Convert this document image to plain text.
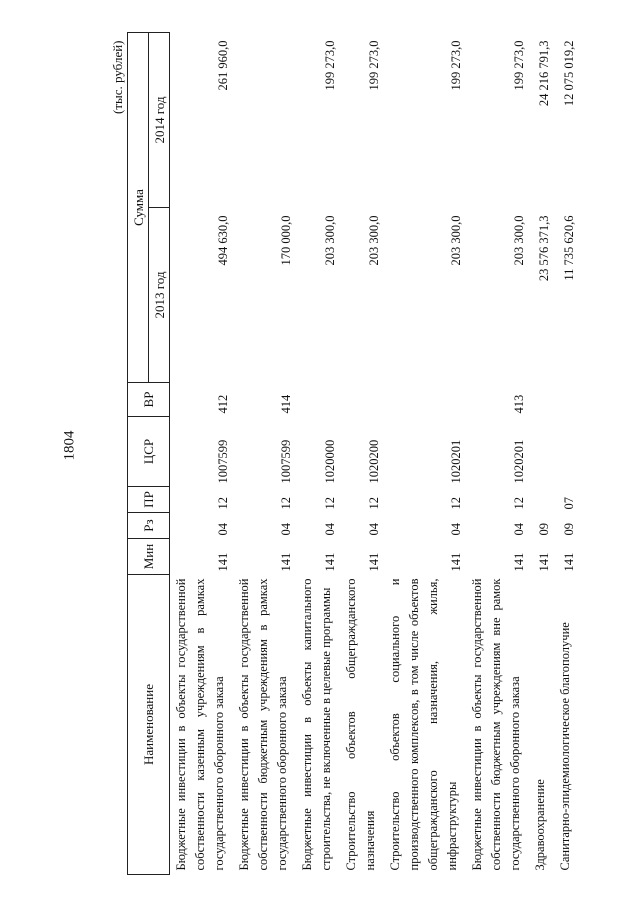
1804
(тыс. рублей)							
Наименование	Мин	Рз	ПР	ЦСР	ВР	Сумма	
						2013 год	2014 год
Бюджетные инвестиции в объекты государственной собственности казенным учреждениям в рамках государственного оборонного заказа	141	04	12	1007599	412	494 630,0	261 960,0
Бюджетные инвестиции в объекты государственной собственности бюджетным учреждениям в рамках государственного оборонного заказа	141	04	12	1007599	414	170 000,0	
Бюджетные инвестиции в объекты капитального строительства, не включенные в целевые программы	141	04	12	1020000		203 300,0	199 273,0
Строительство объектов общегражданского назначения	141	04	12	1020200		203 300,0	199 273,0
Строительство объектов социального и производственного комплексов, в том числе объектов общегражданского назначения, жилья, инфраструктуры	141	04	12	1020201		203 300,0	199 273,0
Бюджетные инвестиции в объекты государственной собственности бюджетным учреждениям вне рамок государственного оборонного заказа	141	04	12	1020201	413	203 300,0	199 273,0
Здравоохранение	141	09				23 576 371,3	24 216 791,3
Санитарно-эпидемиологическое благополучие	141	09	07			11 735 620,6	12 075 019,2
